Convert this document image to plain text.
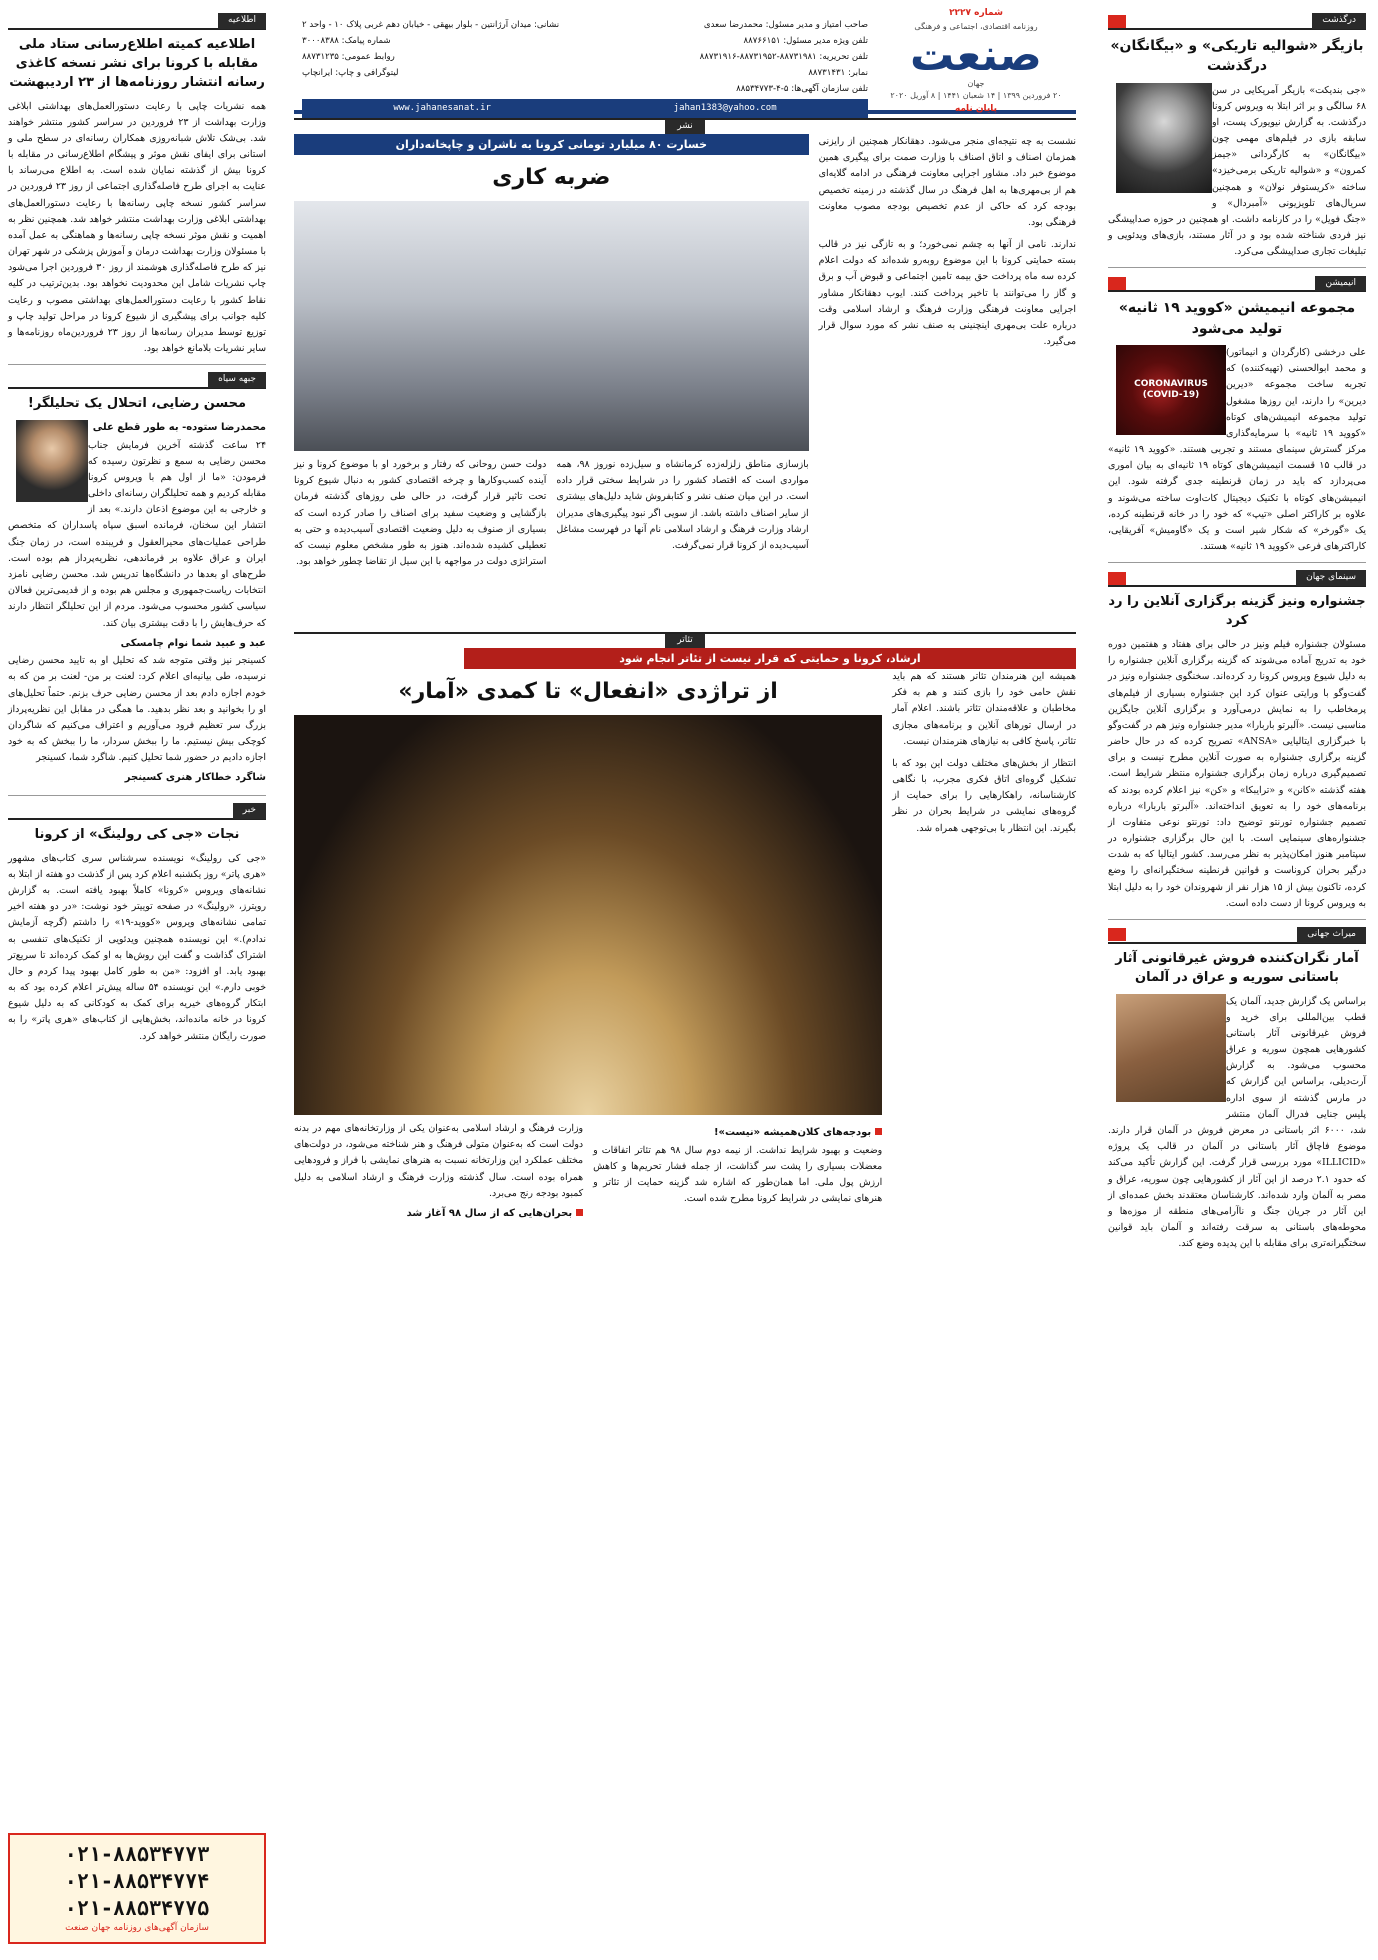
درگذشت
بازیگر «شوالیه تاریکی» و «بیگانگان» درگذشت

«جی بندیکت» بازیگر آمریکایی در سن ۶۸ سالگی و بر اثر ابتلا به ویروس کرونا درگذشت. به گزارش نیویورک پست، او سابقه بازی در فیلم‌های مهمی چون «بیگانگان» به کارگردانی «جیمز کمرون» و «شوالیه تاریکی برمی‌خیزد» ساخته «کریستوفر نولان» و همچنین سریال‌های تلویزیونی «آمبردال» و «جنگ فویل» را در کارنامه داشت. او همچنین در حوزه صداپیشگی نیز فردی شناخته شده بود و در آثار مستند، بازی‌های ویدئویی و تبلیغات تجاری صداپیشگی می‌کرد.

انیمیشن
مجموعه انیمیشن «کووید ۱۹ ثانیه» تولید می‌شود
CORONAVIRUS (COVID-19)

علی درخشی (کارگردان و انیماتور) و محمد ابوالحسنی (تهیه‌کننده) که تجربه ساخت مجموعه «دیرین دیرین» را دارند، این روزها مشغول تولید مجموعه انیمیشن‌های کوتاه «کووید ۱۹ ثانیه» با سرمایه‌گذاری مرکز گسترش سینمای مستند و تجربی هستند. «کووید ۱۹ ثانیه» در قالب ۱۵ قسمت انیمیشن‌های کوتاه ۱۹ ثانیه‌ای به بیان اموری می‌پردازد که باید در زمان قرنطینه جدی گرفته شود. این انیمیشن‌های کوتاه با تکنیک دیجیتال کات‌اوت ساخته می‌شوند و علاوه بر کاراکتر اصلی «تیپ» که خود را در خانه قرنطینه کرده، یک «گورخر» که شکار شیر است و یک «گاومیش» آفریقایی، کاراکترهای فرعی «کووید ۱۹ ثانیه» هستند.

سینمای جهان
جشنواره ونیز گزینه برگزاری آنلاین را رد کرد

مسئولان جشنواره فیلم ونیز در حالی برای هفتاد و هفتمین دوره خود به تدریج آماده می‌شوند که گزینه برگزاری آنلاین جشنواره را به دلیل شیوع ویروس کرونا رد کرده‌اند. سخنگوی جشنواره ونیز در گفت‌وگو با ورایتی عنوان کرد این جشنواره بسیاری از فیلم‌های پرمخاطب را به نمایش درمی‌آورد و برگزاری آنلاین جایگزین مناسبی نیست. «آلبرتو باربارا» مدیر جشنواره ونیز هم در گفت‌وگو با خبرگزاری ایتالیایی «ANSA» تصریح کرده که در حال حاضر گزینه برگزاری جشنواره به صورت آنلاین مطرح نیست و برای تصمیم‌گیری درباره زمان برگزاری جشنواره منتظر شرایط است. هفته گذشته «کانن» و «ترایبکا» و «کن» نیز اعلام کرده بودند که برنامه‌های خود را به تعویق انداخته‌اند. «آلبرتو باربارا» درباره تصمیم جشنواره تورنتو توضیح داد: تورنتو نوعی متفاوت از جشنواره‌های سینمایی است. با این حال برگزاری جشنواره در سپتامبر هنوز امکان‌پذیر به نظر می‌رسد. کشور ایتالیا که به شدت درگیر بحران کروناست و قوانین قرنطینه سختگیرانه‌ای را وضع کرده، تاکنون بیش از ۱۵ هزار نفر از شهروندان خود را به دلیل ابتلا به ویروس کرونا از دست داده است.

میراث جهانی
آمار نگران‌کننده فروش غیرقانونی آثار باستانی سوریه و عراق در آلمان

براساس یک گزارش جدید، آلمان یک قطب بین‌المللی برای خرید و فروش غیرقانونی آثار باستانی کشورهایی همچون سوریه و عراق محسوب می‌شود. به گزارش آرت‌دیلی، براساس این گزارش که در مارس گذشته از سوی اداره پلیس جنایی فدرال آلمان منتشر شد، ۶۰۰۰ اثر باستانی در معرض فروش در آلمان قرار دارند. موضوع فاچاق آثار باستانی در آلمان در قالب یک پروژه «ILLICID» مورد بررسی قرار گرفت. این گزارش تأکید می‌کند که حدود ۲.۱ درصد از این آثار از کشورهایی چون سوریه، عراق و مصر به آلمان وارد شده‌اند. کارشناسان معتقدند بخش عمده‌ای از این آثار در جریان جنگ و ناآرامی‌های منطقه از موزه‌ها و محوطه‌های باستانی به سرقت رفته‌اند و آلمان باید قوانین سختگیرانه‌تری برای مقابله با این پدیده وضع کند.

شماره ۲۲۲۷
روزنامه اقتصادی، اجتماعی و فرهنگی
صنعت
جهان
۲۰ فروردین ۱۳۹۹ | ۱۴ شعبان ۱۴۴۱ | ۸ آوریل ۲۰۲۰
پایان نامه
صاحب امتیاز و مدیر مسئول: محمدرضا سعدی
نشانی: میدان آرژانتین - بلوار بیهقی - خیابان دهم غربی پلاک ۱۰ - واحد ۲
تلفن ویژه مدیر مسئول: ۸۸۷۶۶۱۵۱
شماره پیامک: ۳۰۰۰۸۳۸۸
تلفن تحریریه: ۸۸۷۳۱۹۸۱-۸۸۷۳۱۹۵۲-۸۸۷۳۱۹۱۶
روابط عمومی: ۸۸۷۳۱۲۳۵
نمابر: ۸۸۷۳۱۴۳۱
لیتوگرافی و چاپ: ایرانچاپ
تلفن سازمان آگهی‌ها: ۵-۴-۸۸۵۳۴۷۷۳
www.jahanesanat.ir	jahan1383@yahoo.com
نشر

نشست به چه نتیجه‌ای منجر می‌شود. دهقانکار همچنین از رایزنی همزمان اصناف و اتاق اصناف با وزارت صمت برای پیگیری همین موضوع خبر داد. مشاور اجرایی معاونت فرهنگی در ادامه گلایه‌ای هم از بی‌مهری‌ها به اهل فرهنگ در سال گذشته در زمینه تخصیص بودجه کرد که حاکی از عدم تخصیص بودجه مصوب معاونت فرهنگی بود.

ندارند. نامی از آنها به چشم نمی‌خورد؛ و به تازگی نیز در قالب بسته حمایتی کرونا با این موضوع روبه‌رو شده‌اند که دولت اعلام کرده سه ماه پرداخت حق بیمه تامین اجتماعی و قبوض آب و برق و گاز را می‌توانند با تاخیر پرداخت کنند. ایوب دهقانکار مشاور اجرایی معاونت فرهنگی وزارت فرهنگ و ارشاد اسلامی وقت درباره علت بی‌مهری اینچنینی به صنف نشر که مورد سوال قرار می‌گیرد.

خسارت ۸۰ میلیارد تومانی کرونا به ناشران و چاپخانه‌داران
ضربه کاری

بازسازی مناطق زلزله‌زده کرمانشاه و سیل‌زده نوروز ۹۸، همه مواردی است که اقتصاد کشور را در شرایط سختی قرار داده است. در این میان صنف نشر و کتابفروش شاید دلیل‌های بیشتری از سایر اصناف داشته باشد. از سویی اگر نبود پیگیری‌های مدیران ارشاد وزارت فرهنگ و ارشاد اسلامی نام آنها در فهرست مشاغل آسیب‌دیده از کرونا قرار نمی‌گرفت.

دولت حسن روحانی که رفتار و برخورد او با موضوع کرونا و نیز آینده کسب‌وکارها و چرخه اقتصادی کشور به دنبال شیوع کرونا تحت تاثیر قرار گرفت، در حالی طی روزهای گذشته فرمان بازگشایی و وضعیت سفید برای اصناف را صادر کرده است که بسیاری از صنوف به دلیل وضعیت اقتصادی آسیب‌دیده و حتی به تعطیلی کشیده شده‌اند. هنوز به طور مشخص معلوم نیست که استراتژی دولت در مواجهه با این سیل از تقاضا چطور خواهد بود.

تئاتر
ارشاد، کرونا و حمایتی که قرار نیست از تئاتر انجام شود

همیشه این هنرمندان تئاتر هستند که هم باید نقش حامی خود را بازی کنند و هم به فکر مخاطبان و علاقه‌مندان تئاتر باشند. اعلام آمار در ارسال تورهای آنلاین و برنامه‌های مجازی تئاتر، پاسخ کافی به نیازهای هنرمندان نیست.

انتظار از بخش‌های مختلف دولت این بود که با تشکیل گروه‌ای اتاق فکری مجرب، با نگاهی کارشناسانه، راهکارهایی را برای حمایت از گروه‌های نمایشی در شرایط بحران در نظر بگیرند. این انتظار با بی‌توجهی همراه شد.

از تراژدی «انفعال» تا کمدی «آمار»
بودجه‌های کلان‌همیشه «نیست»!

وضعیت و بهبود شرایط نداشت. از نیمه دوم سال ۹۸ هم تئاتر اتفاقات و معضلات بسیاری را پشت سر گذاشت، از جمله فشار تحریم‌ها و کاهش ارزش پول ملی. اما همان‌طور که اشاره شد گزینه حمایت از تئاتر و هنرهای نمایشی در شرایط کرونا مطرح شده است.

وزارت فرهنگ و ارشاد اسلامی به‌عنوان یکی از وزارتخانه‌های مهم در بدنه دولت است که به‌عنوان متولی فرهنگ و هنر شناخته می‌شود، در دولت‌های مختلف عملکرد این وزارتخانه نسبت به هنرهای نمایشی با فراز و فرودهایی همراه بوده است. سال گذشته وزارت فرهنگ و ارشاد اسلامی به دلیل کمبود بودجه رنج می‌برد.

بحران‌هایی که از سال ۹۸ آغاز شد
اطلاعیه
اطلاعیه کمیته اطلاع‌رسانی ستاد ملی مقابله با کرونا برای نشر نسخه کاغذی رسانه انتشار روزنامه‌ها از ۲۳ اردیبهشت

همه نشریات چاپی با رعایت دستورالعمل‌های بهداشتی ابلاغی وزارت بهداشت از ۲۳ فروردین در سراسر کشور منتشر خواهند شد. بی‌شک تلاش شبانه‌روزی همکاران رسانه‌ای در سطح ملی و استانی برای ایفای نقش موثر و پیشگام اطلاع‌رسانی در مقابله با کرونا بیش از گذشته نمایان شده است. به اطلاع می‌رساند با عنایت به اجرای طرح فاصله‌گذاری اجتماعی از روز ۲۳ فروردین در سراسر کشور نسخه چاپی رسانه‌ها با رعایت دستورالعمل‌های بهداشتی ابلاغی وزارت بهداشت منتشر خواهد شد. همچنین نظر به اهمیت و نقش موثر نسخه چاپی رسانه‌ها و هماهنگی به عمل آمده با مسئولان وزارت بهداشت درمان و آموزش پزشکی در شهر تهران نیز که طرح فاصله‌گذاری هوشمند از روز ۳۰ فروردین اجرا می‌شود چاپ نشریات شامل این محدودیت نخواهد بود. بدین‌ترتیب در کلیه نقاط کشور با رعایت دستورالعمل‌های بهداشتی مصوب و رعایت کلیه جوانب برای پیشگیری از شیوع کرونا در مراحل تولید چاپ و توزیع توسط مدیران رسانه‌ها از روز ۲۳ فروردین‌ماه روزنامه‌ها و سایر نشریات بلامانع خواهد بود.

جبهه سیاه
محسن رضایی، اتحلال یک تحلیلگر!
محمدرضا ستوده- به طور قطع علی

۲۴ ساعت گذشته آخرین فرمایش جناب محسن رضایی به سمع و نظرتون رسیده که فرمودن: «ما از اول هم با ویروس کرونا مقابله کردیم و همه تحلیلگران رسانه‌ای داخلی و خارجی به این موضوع اذعان دارند.» بعد از انتشار این سخنان، فرمانده اسبق سپاه پاسداران که متخصص طراحی عملیات‌های محیرالعقول و فریبنده است، در زمان جنگ ایران و عراق علاوه بر فرماندهی، نظریه‌پرداز هم بوده است. طرح‌های او بعدها در دانشگاه‌ها تدریس شد. محسن رضایی نامزد انتخابات ریاست‌جمهوری و مجلس هم بوده و از قدیمی‌ترین فعالان سیاسی کشور محسوب می‌شود. مردم از این تحلیلگر انتظار دارند که حرف‌هایش را با دقت بیشتری بیان کند.

عبد و عبید شما نوام چامسکی

کسینجر نیز وقتی متوجه شد که تحلیل او به تایید محسن رضایی نرسیده، طی بیانیه‌ای اعلام کرد: لعنت بر من- لعنت بر من که به خودم اجازه دادم بعد از محسن رضایی حرف بزنم. حتماً تحلیل‌های او را بخوانید و بعد نظر بدهید. ما همگی در مقابل این نظریه‌پرداز بزرگ سر تعظیم فرود می‌آوریم و اعتراف می‌کنیم که شاگردان کوچکی بیش نیستیم. ما را ببخش سردار، ما را ببخش که به خود اجازه دادیم در حضور شما تحلیل کنیم. شاگرد شما، کسینجر

شاگرد خطاکار هنری کسینجر
خبر
نجات «جی کی رولینگ» از کرونا

«جی کی رولینگ» نویسنده سرشناس سری کتاب‌های مشهور «هری پاتر» روز یکشنبه اعلام کرد پس از گذشت دو هفته از ابتلا به نشانه‌های ویروس «کرونا» کاملاً بهبود یافته است. به گزارش رویترز، «رولینگ» در صفحه توییتر خود نوشت: «در دو هفته اخیر تمامی نشانه‌های ویروس «کووید-۱۹» را داشتم (گرچه آزمایش ندادم).» این نویسنده همچنین ویدئویی از تکنیک‌های تنفسی به اشتراک گذاشت و گفت این روش‌ها به او کمک کرده‌اند تا سریع‌تر بهبود یابد. او افزود: «من به طور کامل بهبود پیدا کردم و حال خوبی دارم.» این نویسنده ۵۴ ساله پیش‌تر اعلام کرده بود که به ابتکار گروه‌های خیریه برای کمک به کودکانی که به دلیل شیوع کرونا در خانه مانده‌اند، بخش‌هایی از کتاب‌های «هری پاتر» را به صورت رایگان منتشر خواهد کرد.

۰۲۱-۸۸۵۳۴۷۷۳
۰۲۱-۸۸۵۳۴۷۷۴
۰۲۱-۸۸۵۳۴۷۷۵
سازمان آگهی‌های روزنامه جهان صنعت
